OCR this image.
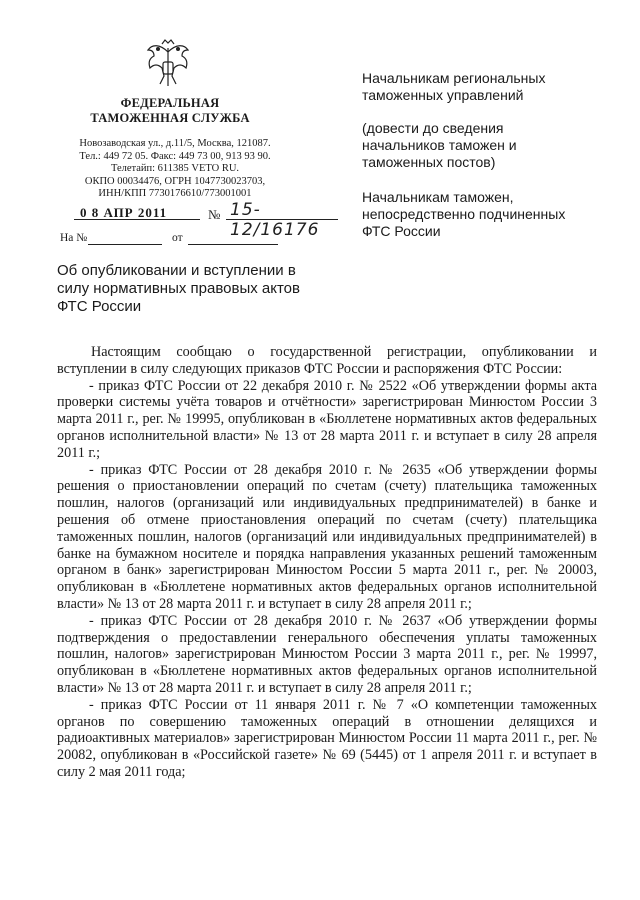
ФЕДЕРАЛЬНАЯ
ТАМОЖЕННАЯ СЛУЖБА
Новозаводская ул., д.11/5, Москва, 121087.
Тел.: 449 72 05. Факс: 449 73 00, 913 93 90.
Телетайп: 611385 VETO RU.
ОКПО 00034476, ОГРН 1047730023703,
ИНН/КПП 7730176610/773001001
0 8 АПР 2011	№ 15-12/16176
На №	от
Об опубликовании и вступлении в силу нормативных правовых актов ФТС России
Начальникам региональных
таможенных управлений
(довести до сведения
начальников таможен и
таможенных постов)
Начальникам таможен,
непосредственно подчиненных
ФТС России

Настоящим сообщаю о государственной регистрации, опубликовании и вступлении в силу следующих приказов ФТС России и распоряжения ФТС России:

- приказ ФТС России от 22 декабря 2010 г. № 2522 «Об утверждении формы акта проверки системы учёта товаров и отчётности» зарегистрирован Минюстом России 3 марта 2011 г., рег. № 19995, опубликован в «Бюллетене нормативных актов федеральных органов исполнительной власти» № 13 от 28 марта 2011 г. и вступает в силу 28 апреля 2011 г.;

- приказ ФТС России от 28 декабря 2010 г. № 2635 «Об утверждении формы решения о приостановлении операций по счетам (счету) плательщика таможенных пошлин, налогов (организаций или индивидуальных предпринимателей) в банке и решения об отмене приостановления операций по счетам (счету) плательщика таможенных пошлин, налогов (организаций или индивидуальных предпринимателей) в банке на бумажном носителе и порядка направления указанных решений таможенным органом в банк» зарегистрирован Минюстом России 5 марта 2011 г., рег. № 20003, опубликован в «Бюллетене нормативных актов федеральных органов исполнительной власти» № 13 от 28 марта 2011 г. и вступает в силу 28 апреля 2011 г.;

- приказ ФТС России от 28 декабря 2010 г. № 2637 «Об утверждении формы подтверждения о предоставлении генерального обеспечения уплаты таможенных пошлин, налогов» зарегистрирован Минюстом России 3 марта 2011 г., рег. № 19997, опубликован в «Бюллетене нормативных актов федеральных органов исполнительной власти» № 13 от 28 марта 2011 г. и вступает в силу 28 апреля 2011 г.;

- приказ ФТС России от 11 января 2011 г. № 7 «О компетенции таможенных органов по совершению таможенных операций в отношении делящихся и радиоактивных материалов» зарегистрирован Минюстом России 11 марта 2011 г., рег. № 20082, опубликован в «Российской газете» № 69 (5445) от 1 апреля 2011 г. и вступает в силу 2 мая 2011 года;
